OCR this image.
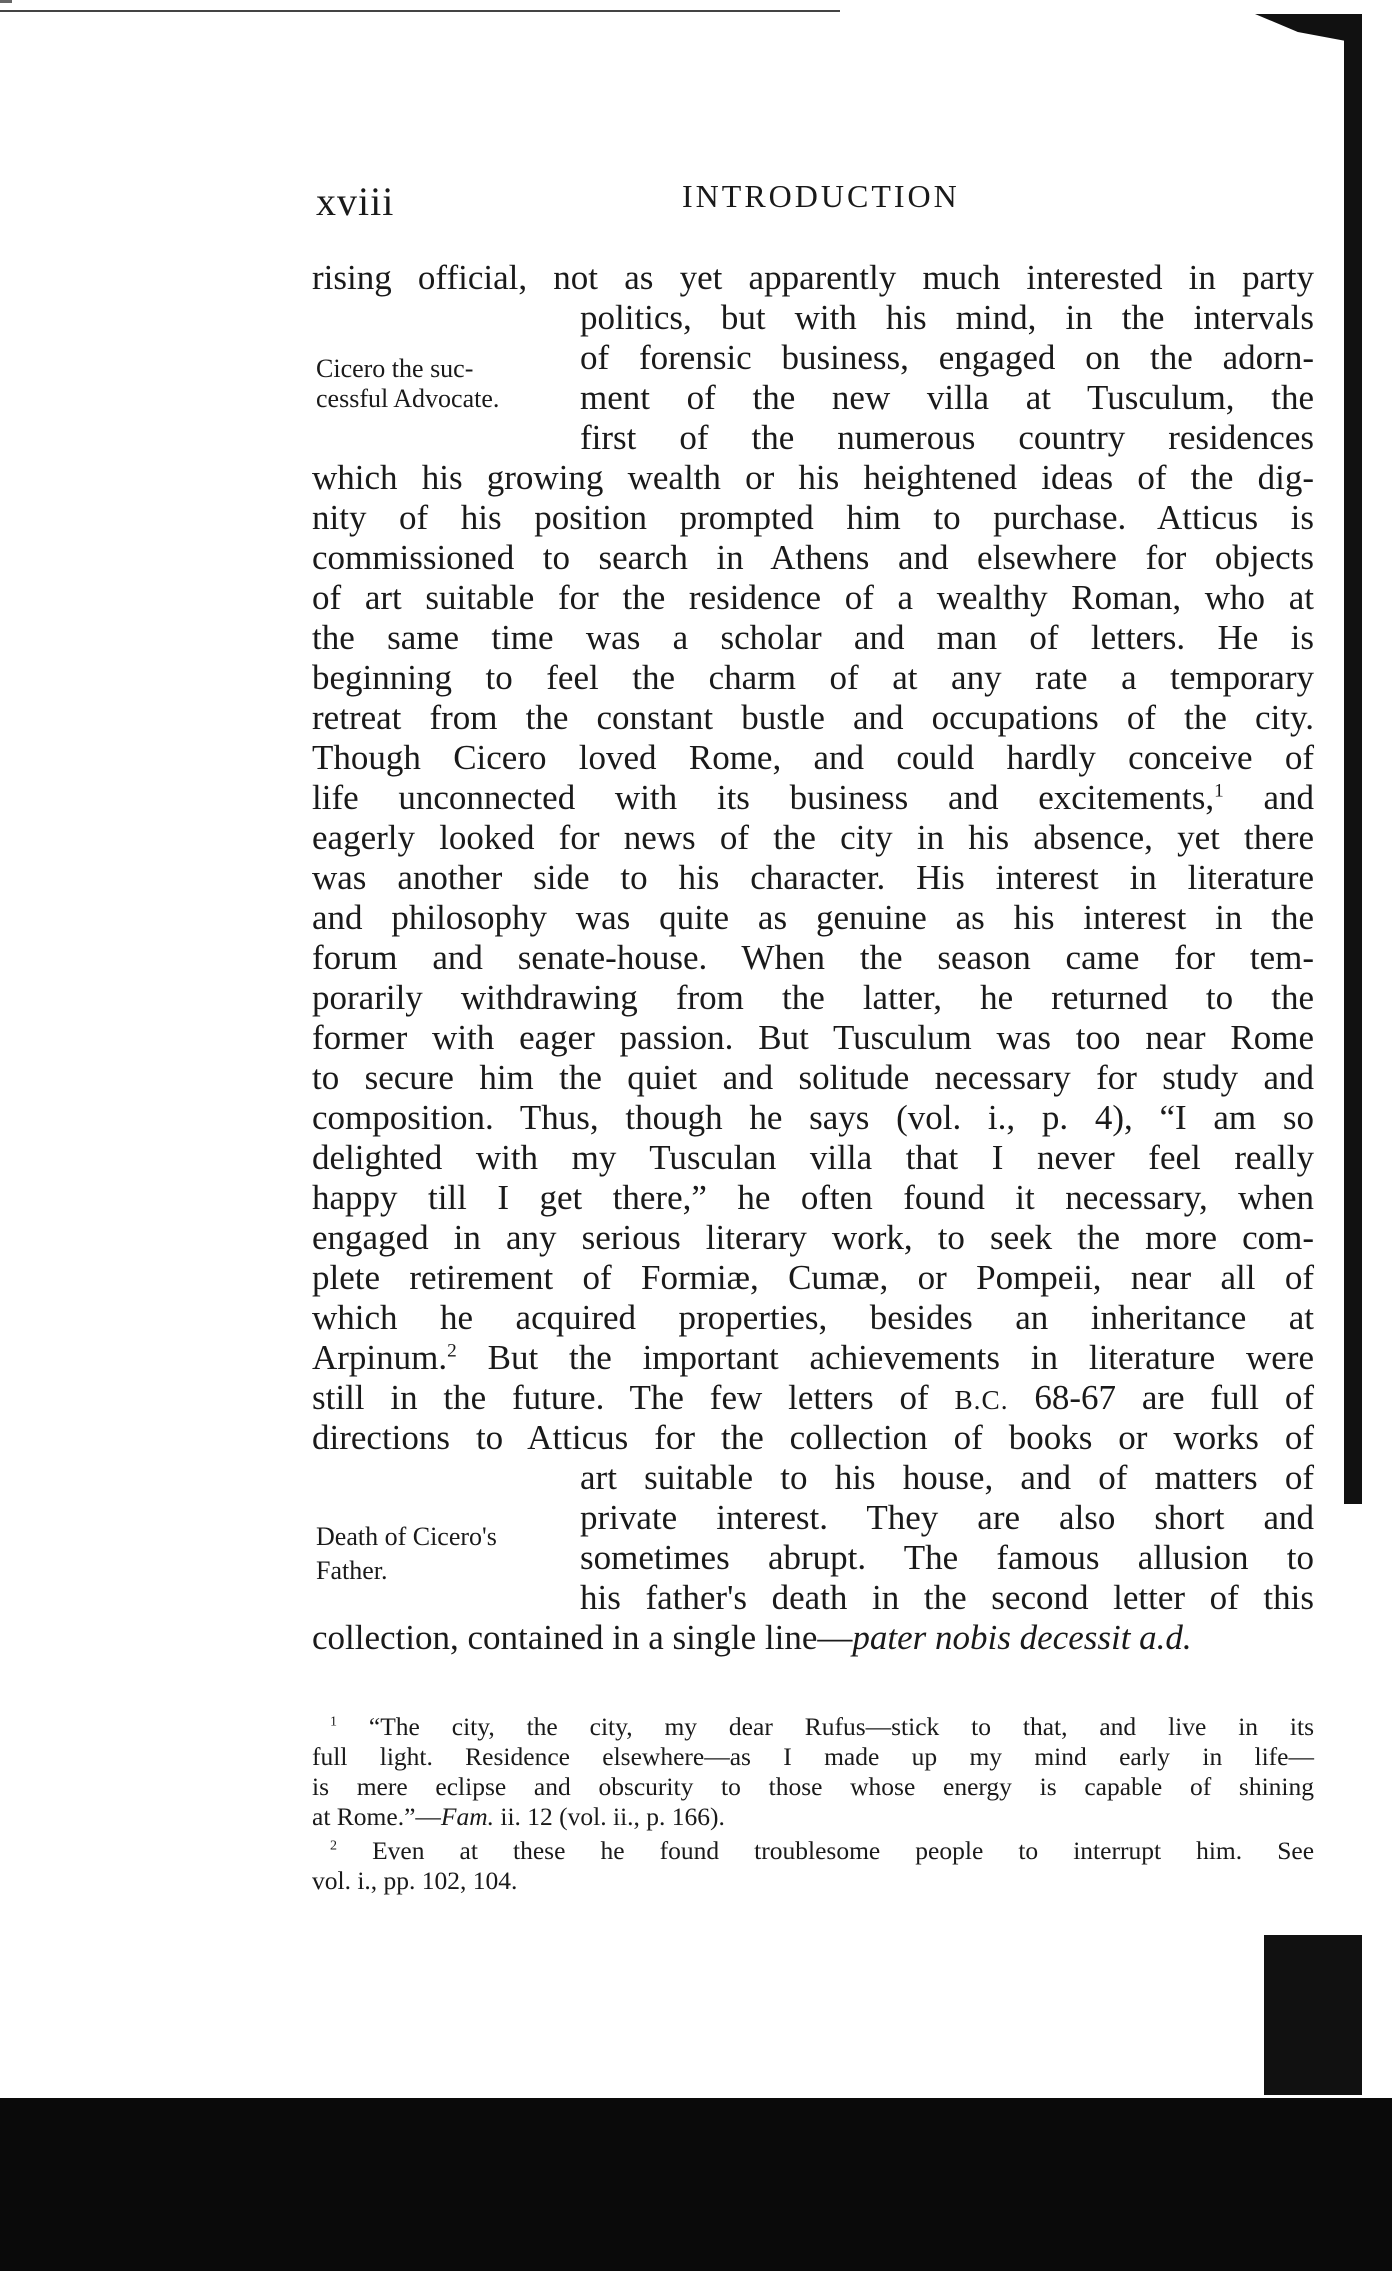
xviii	INTRODUCTION
Cicero the suc-
cessful Advocate.
Death of Cicero's
Father.
rising official, not as yet apparently much interested in party
politics, but with his mind, in the intervals
of forensic business, engaged on the adorn-
ment of the new villa at Tusculum, the
first of the numerous country residences
which his growing wealth or his heightened ideas of the dig-
nity of his position prompted him to purchase. Atticus is
commissioned to search in Athens and elsewhere for objects
of art suitable for the residence of a wealthy Roman, who at
the same time was a scholar and man of letters. He is
beginning to feel the charm of at any rate a temporary
retreat from the constant bustle and occupations of the city.
Though Cicero loved Rome, and could hardly conceive of
life unconnected with its business and excitements,$^1$ and
eagerly looked for news of the city in his absence, yet there
was another side to his character. His interest in literature
and philosophy was quite as genuine as his interest in the
forum and senate-house. When the season came for tem-
porarily withdrawing from the latter, he returned to the
former with eager passion. But Tusculum was too near Rome
to secure him the quiet and solitude necessary for study and
composition. Thus, though he says (vol. i., p. 4), “I am so
delighted with my Tusculan villa that I never feel really
happy till I get there,” he often found it necessary, when
engaged in any serious literary work, to seek the more com-
plete retirement of Formiæ, Cumæ, or Pompeii, near all of
which he acquired properties, besides an inheritance at
Arpinum.$^2$ But the important achievements in literature were
still in the future. The few letters of B.C. 68-67 are full of
directions to Atticus for the collection of books or works of
art suitable to his house, and of matters of
private interest. They are also short and
sometimes abrupt. The famous allusion to
his father's death in the second letter of this
collection, contained in a single line—pater nobis decessit a.d.
$^1$ “The city, the city, my dear Rufus—stick to that, and live in its
full light. Residence elsewhere—as I made up my mind early in life—
is mere eclipse and obscurity to those whose energy is capable of shining
at Rome.”—Fam. ii. 12 (vol. ii., p. 166).
$^2$ Even at these he found troublesome people to interrupt him. See
vol. i., pp. 102, 104.
